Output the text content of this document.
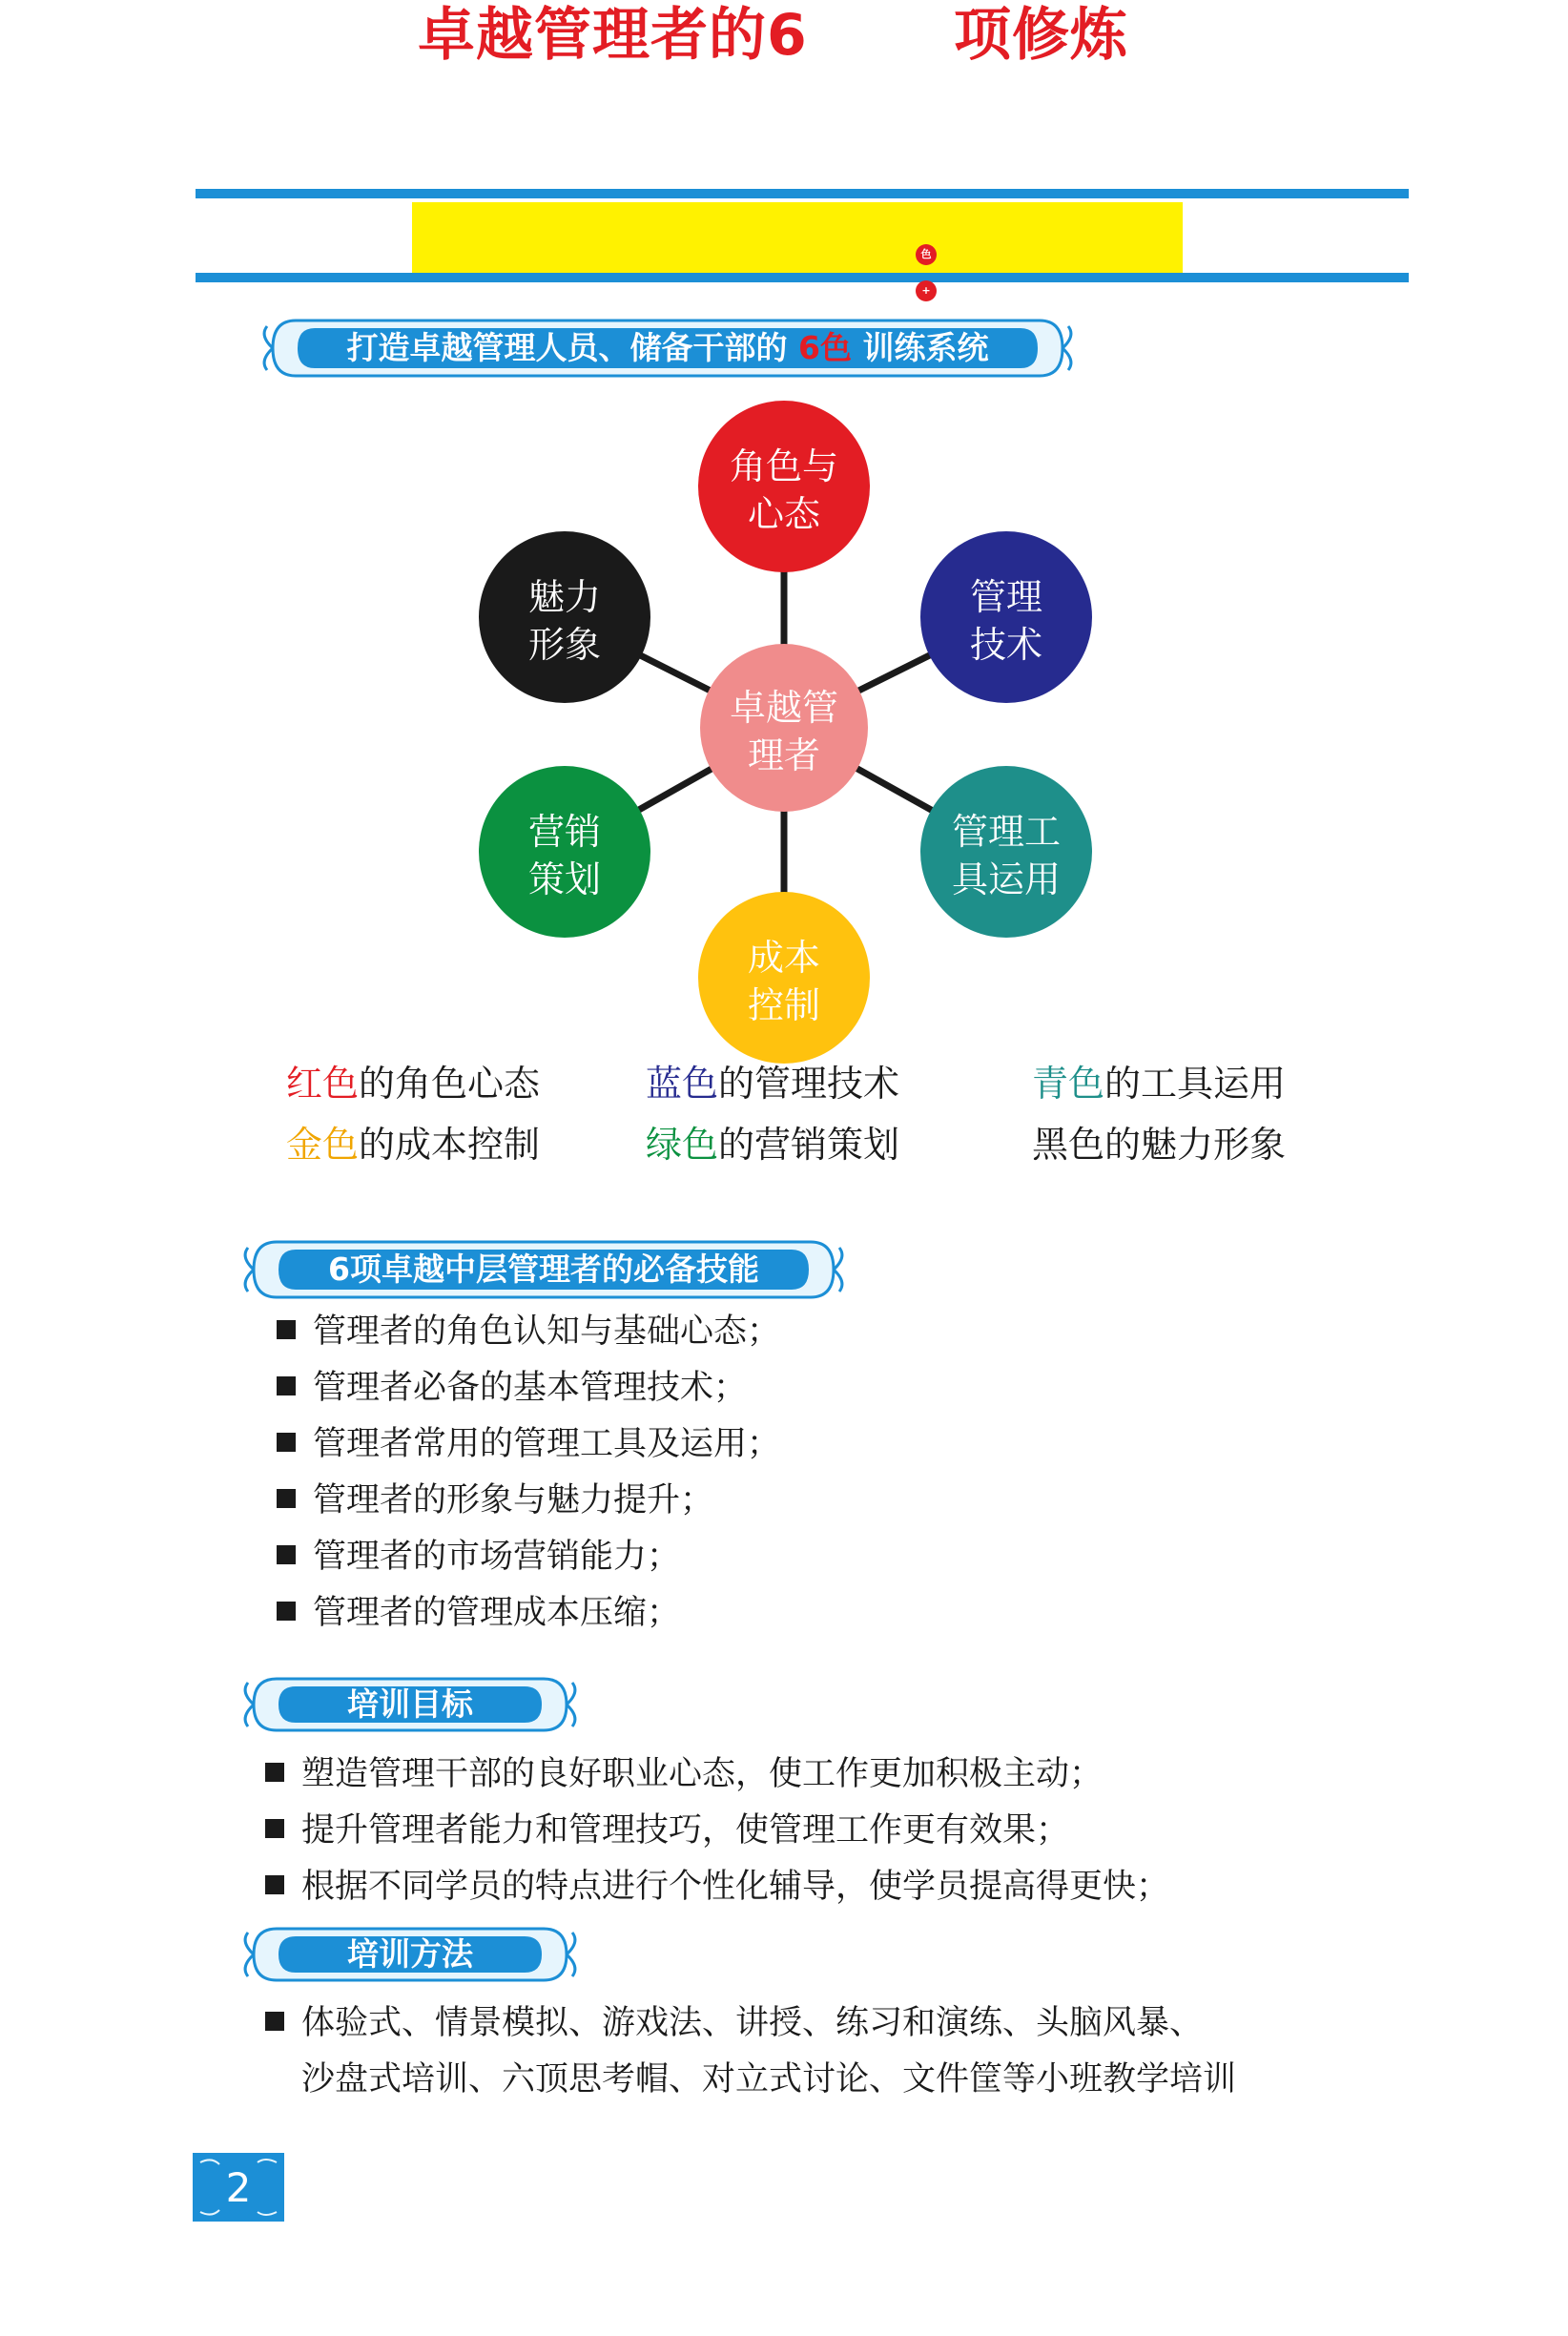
卓越管理者的6
色
+
项修炼
打造卓越管理人员、储备干部的 6色 训练系统
角色与
心态
管理
技术
管理工
具运用
成本
控制
营销
策划
魅力
形象
卓越管
理者
红色的角色心态	蓝色的管理技术	青色的工具运用
金色的成本控制	绿色的营销策划	黑色的魅力形象
6项卓越中层管理者的必备技能
管理者的角色认知与基础心态；
管理者必备的基本管理技术；
管理者常用的管理工具及运用；
管理者的形象与魅力提升；
管理者的市场营销能力；
管理者的管理成本压缩；
培训目标
塑造管理干部的良好职业心态，使工作更加积极主动；
提升管理者能力和管理技巧，使管理工作更有效果；
根据不同学员的特点进行个性化辅导，使学员提高得更快；
培训方法
体验式、情景模拟、游戏法、讲授、练习和演练、头脑风暴、
沙盘式培训、六顶思考帽、对立式讨论、文件筐等小班教学培训
2
